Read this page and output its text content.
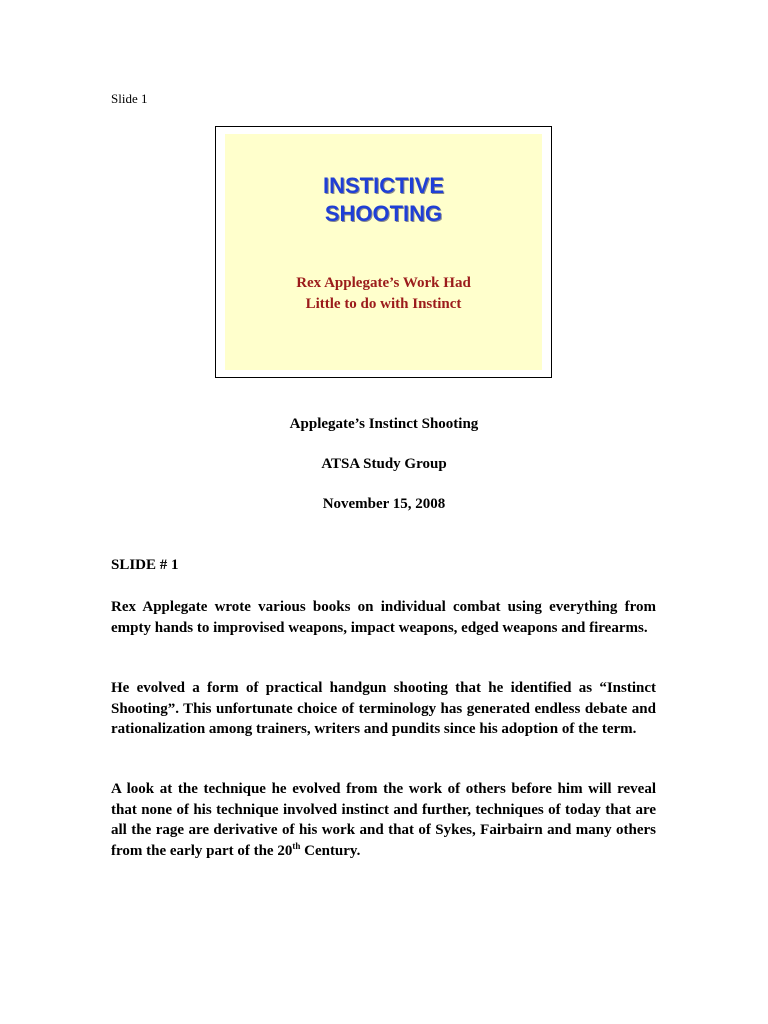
Slide 1
INSTICTIVE
SHOOTING
Rex Applegate’s Work Had
Little to do with Instinct
Applegate’s Instinct Shooting
ATSA Study Group
November 15, 2008
SLIDE # 1
Rex Applegate wrote various books on individual combat using everything from empty hands to improvised weapons, impact weapons, edged weapons and firearms.
He evolved a form of practical handgun shooting that he identified as “Instinct Shooting”. This unfortunate choice of terminology has generated endless debate and rationalization among trainers, writers and pundits since his adoption of the term.
A look at the technique he evolved from the work of others before him will reveal that none of his technique involved instinct and further, techniques of today that are all the rage are derivative of his work and that of Sykes, Fairbairn and many others from the early part of the 20th Century.
